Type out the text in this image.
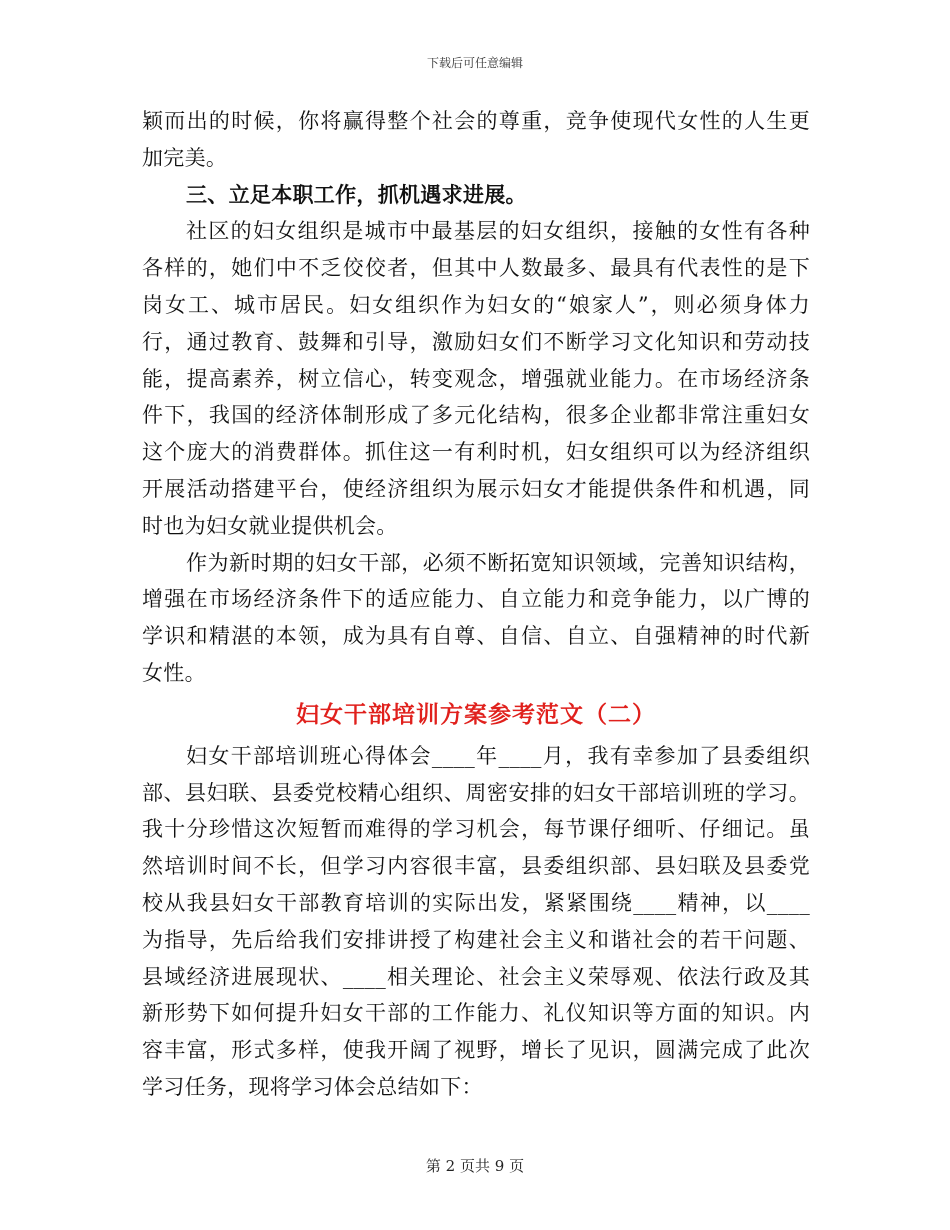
下载后可任意编辑
颖而出的时候，你将赢得整个社会的尊重，竞争使现代女性的人生更
加完美。
三、立足本职工作，抓机遇求进展。
社区的妇女组织是城市中最基层的妇女组织，接触的女性有各种
各样的，她们中不乏佼佼者，但其中人数最多、最具有代表性的是下
岗女工、城市居民。妇女组织作为妇女的“娘家人”，则必须身体力
行，通过教育、鼓舞和引导，激励妇女们不断学习文化知识和劳动技
能，提高素养，树立信心，转变观念，增强就业能力。在市场经济条
件下，我国的经济体制形成了多元化结构，很多企业都非常注重妇女
这个庞大的消费群体。抓住这一有利时机，妇女组织可以为经济组织
开展活动搭建平台，使经济组织为展示妇女才能提供条件和机遇，同
时也为妇女就业提供机会。
作为新时期的妇女干部，必须不断拓宽知识领域，完善知识结构，
增强在市场经济条件下的适应能力、自立能力和竞争能力，以广博的
学识和精湛的本领，成为具有自尊、自信、自立、自强精神的时代新
女性。
妇女干部培训方案参考范文（二）
妇女干部培训班心得体会____年____月，我有幸参加了县委组织
部、县妇联、县委党校精心组织、周密安排的妇女干部培训班的学习。
我十分珍惜这次短暂而难得的学习机会，每节课仔细听、仔细记。虽
然培训时间不长，但学习内容很丰富，县委组织部、县妇联及县委党
校从我县妇女干部教育培训的实际出发，紧紧围绕____精神，以____
为指导，先后给我们安排讲授了构建社会主义和谐社会的若干问题、
县域经济进展现状、____相关理论、社会主义荣辱观、依法行政及其
新形势下如何提升妇女干部的工作能力、礼仪知识等方面的知识。内
容丰富，形式多样，使我开阔了视野，增长了见识，圆满完成了此次
学习任务，现将学习体会总结如下：
第 2 页共 9 页
